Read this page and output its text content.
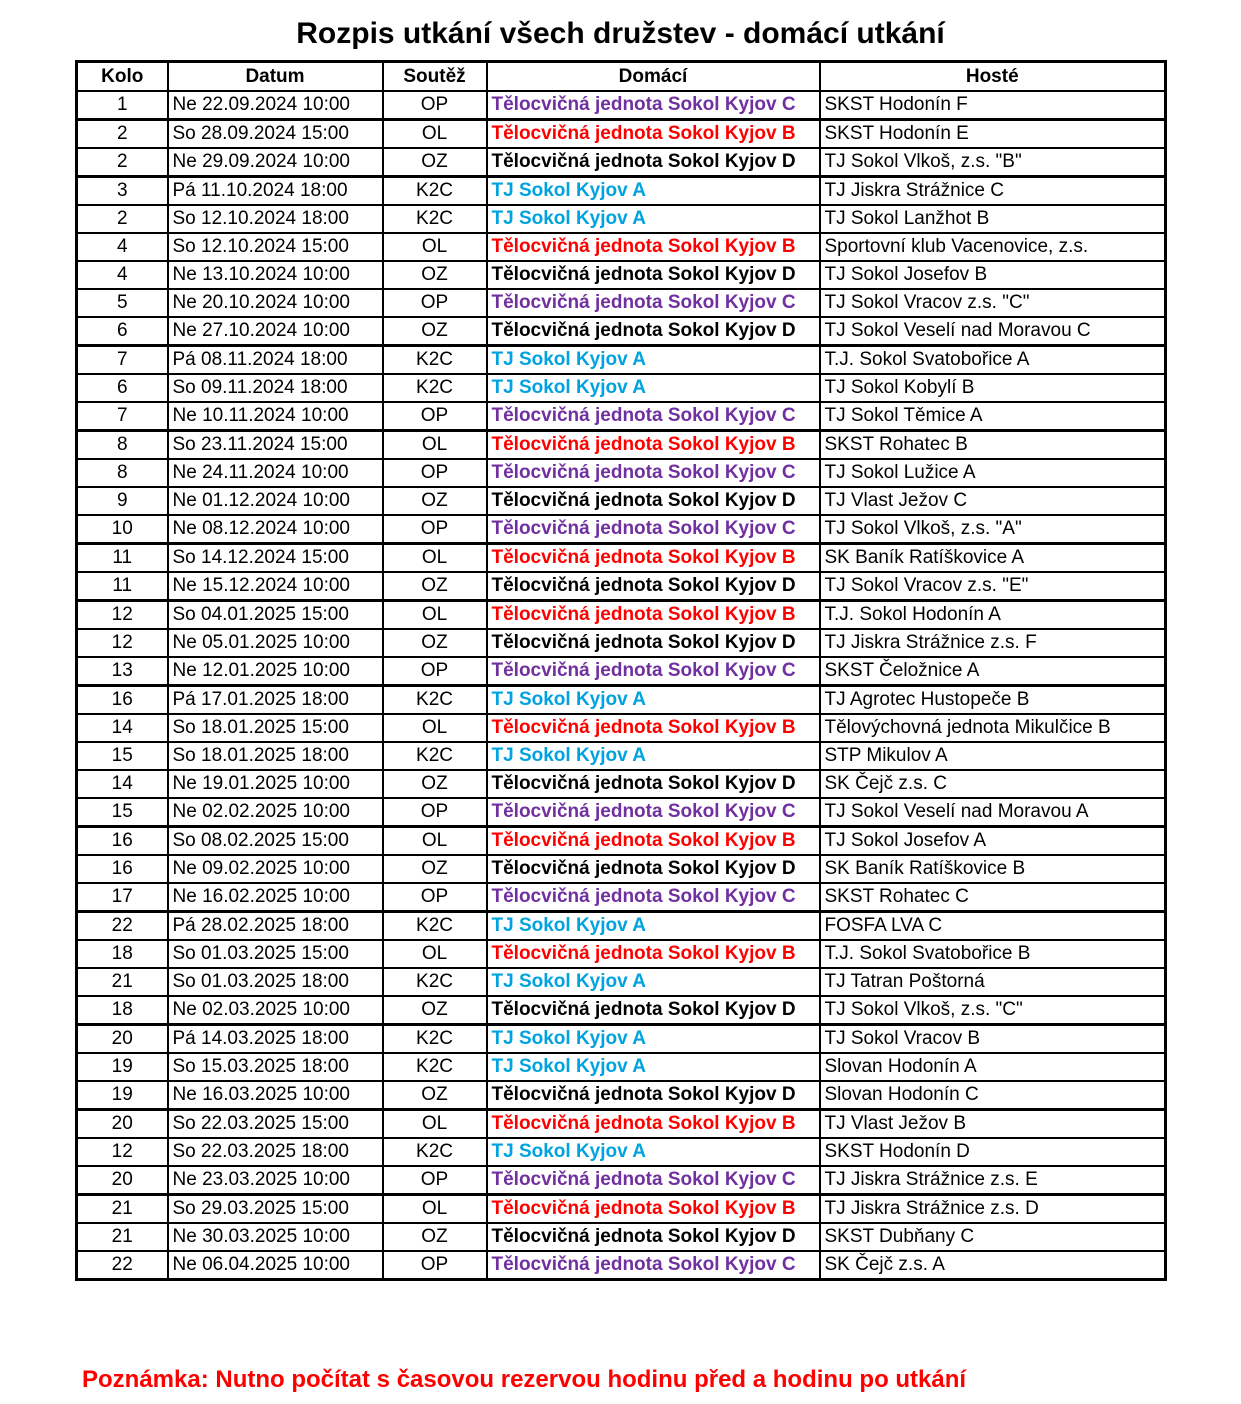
Rozpis utkání všech družstev - domácí utkání
Kolo	Datum	Soutěž	Domácí	Hosté
1	Ne 22.09.2024 10:00	OP	Tělocvičná jednota Sokol Kyjov C	SKST Hodonín F
2	So 28.09.2024 15:00	OL	Tělocvičná jednota Sokol Kyjov B	SKST Hodonín E
2	Ne 29.09.2024 10:00	OZ	Tělocvičná jednota Sokol Kyjov D	TJ Sokol Vlkoš, z.s. "B"
3	Pá 11.10.2024 18:00	K2C	TJ Sokol Kyjov A	TJ Jiskra Strážnice C
2	So 12.10.2024 18:00	K2C	TJ Sokol Kyjov A	TJ Sokol Lanžhot B
4	So 12.10.2024 15:00	OL	Tělocvičná jednota Sokol Kyjov B	Sportovní klub Vacenovice, z.s.
4	Ne 13.10.2024 10:00	OZ	Tělocvičná jednota Sokol Kyjov D	TJ Sokol Josefov B
5	Ne 20.10.2024 10:00	OP	Tělocvičná jednota Sokol Kyjov C	TJ Sokol Vracov z.s. "C"
6	Ne 27.10.2024 10:00	OZ	Tělocvičná jednota Sokol Kyjov D	TJ Sokol Veselí nad Moravou C
7	Pá 08.11.2024 18:00	K2C	TJ Sokol Kyjov A	T.J. Sokol Svatobořice A
6	So 09.11.2024 18:00	K2C	TJ Sokol Kyjov A	TJ Sokol Kobylí B
7	Ne 10.11.2024 10:00	OP	Tělocvičná jednota Sokol Kyjov C	TJ Sokol Těmice A
8	So 23.11.2024 15:00	OL	Tělocvičná jednota Sokol Kyjov B	SKST Rohatec B
8	Ne 24.11.2024 10:00	OP	Tělocvičná jednota Sokol Kyjov C	TJ Sokol Lužice A
9	Ne 01.12.2024 10:00	OZ	Tělocvičná jednota Sokol Kyjov D	TJ Vlast Ježov C
10	Ne 08.12.2024 10:00	OP	Tělocvičná jednota Sokol Kyjov C	TJ Sokol Vlkoš, z.s. "A"
11	So 14.12.2024 15:00	OL	Tělocvičná jednota Sokol Kyjov B	SK Baník Ratíškovice A
11	Ne 15.12.2024 10:00	OZ	Tělocvičná jednota Sokol Kyjov D	TJ Sokol Vracov z.s. "E"
12	So 04.01.2025 15:00	OL	Tělocvičná jednota Sokol Kyjov B	T.J. Sokol Hodonín A
12	Ne 05.01.2025 10:00	OZ	Tělocvičná jednota Sokol Kyjov D	TJ Jiskra Strážnice z.s. F
13	Ne 12.01.2025 10:00	OP	Tělocvičná jednota Sokol Kyjov C	SKST Čeložnice A
16	Pá 17.01.2025 18:00	K2C	TJ Sokol Kyjov A	TJ Agrotec Hustopeče B
14	So 18.01.2025 15:00	OL	Tělocvičná jednota Sokol Kyjov B	Tělovýchovná jednota Mikulčice B
15	So 18.01.2025 18:00	K2C	TJ Sokol Kyjov A	STP Mikulov A
14	Ne 19.01.2025 10:00	OZ	Tělocvičná jednota Sokol Kyjov D	SK Čejč z.s. C
15	Ne 02.02.2025 10:00	OP	Tělocvičná jednota Sokol Kyjov C	TJ Sokol Veselí nad Moravou A
16	So 08.02.2025 15:00	OL	Tělocvičná jednota Sokol Kyjov B	TJ Sokol Josefov A
16	Ne 09.02.2025 10:00	OZ	Tělocvičná jednota Sokol Kyjov D	SK Baník Ratíškovice B
17	Ne 16.02.2025 10:00	OP	Tělocvičná jednota Sokol Kyjov C	SKST Rohatec C
22	Pá 28.02.2025 18:00	K2C	TJ Sokol Kyjov A	FOSFA LVA C
18	So 01.03.2025 15:00	OL	Tělocvičná jednota Sokol Kyjov B	T.J. Sokol Svatobořice B
21	So 01.03.2025 18:00	K2C	TJ Sokol Kyjov A	TJ Tatran Poštorná
18	Ne 02.03.2025 10:00	OZ	Tělocvičná jednota Sokol Kyjov D	TJ Sokol Vlkoš, z.s. "C"
20	Pá 14.03.2025 18:00	K2C	TJ Sokol Kyjov A	TJ Sokol Vracov B
19	So 15.03.2025 18:00	K2C	TJ Sokol Kyjov A	Slovan Hodonín A
19	Ne 16.03.2025 10:00	OZ	Tělocvičná jednota Sokol Kyjov D	Slovan Hodonín C
20	So 22.03.2025 15:00	OL	Tělocvičná jednota Sokol Kyjov B	TJ Vlast Ježov B
12	So 22.03.2025 18:00	K2C	TJ Sokol Kyjov A	SKST Hodonín D
20	Ne 23.03.2025 10:00	OP	Tělocvičná jednota Sokol Kyjov C	TJ Jiskra Strážnice z.s. E
21	So 29.03.2025 15:00	OL	Tělocvičná jednota Sokol Kyjov B	TJ Jiskra Strážnice z.s. D
21	Ne 30.03.2025 10:00	OZ	Tělocvičná jednota Sokol Kyjov D	SKST Dubňany C
22	Ne 06.04.2025 10:00	OP	Tělocvičná jednota Sokol Kyjov C	SK Čejč z.s. A
Poznámka: Nutno počítat s časovou rezervou hodinu před a hodinu po utkání
